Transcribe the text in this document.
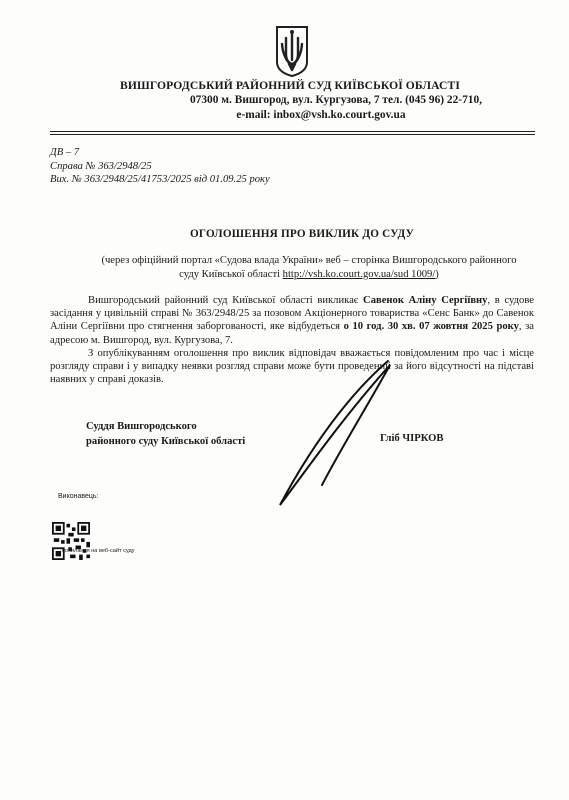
ВИШГОРОДСЬКИЙ РАЙОННИЙ СУД КИЇВСЬКОЇ ОБЛАСТІ
07300 м. Вишгород, вул. Кургузова, 7 тел. (045 96) 22-710,
e-mail: inbox@vsh.ko.court.gov.ua
ДВ – 7
Справа № 363/2948/25
Вих. № 363/2948/25/41753/2025 від 01.09.25 року
ОГОЛОШЕННЯ ПРО ВИКЛИК ДО СУДУ
(через офіційний портал «Судова влада України» веб – сторінка Вишгородського районного
суду Київської області http://vsh.ko.court.gov.ua/sud 1009/)

Вишгородський районний суд Київської області викликає Савенок Аліну Сергіївну, в судове засідання у цивільній справі № 363/2948/25 за позовом Акціонерного товариства «Сенс Банк» до Савенок Аліни Сергіївни про стягнення заборгованості, яке відбудеться о 10 год. 30 хв. 07 жовтня 2025 року, за адресою м. Вишгород, вул. Кургузова, 7.

З опублікуванням оголошення про виклик відповідач вважається повідомленим про час і місце розгляду справи і у випадку неявки розгляд справи може бути проведений за його відсутності на підставі наявних у справі доказів.

Суддя Вишгородського
районного суду Київської області	Гліб ЧІРКОВ
Виконавець:
посилання на веб-сайт суду
